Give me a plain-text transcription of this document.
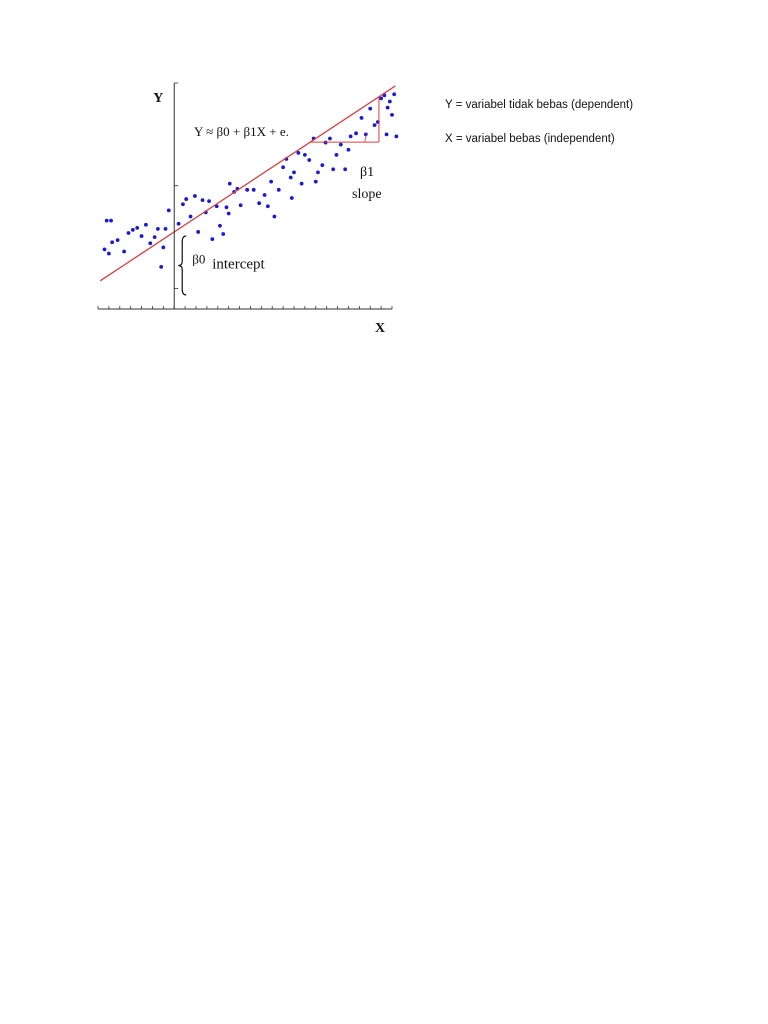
Y
X
Y ≈ β0 + β1X + e.
β1
slope
β0 intercept
Y = variabel tidak bebas (dependent)
X = variabel bebas (independent)
